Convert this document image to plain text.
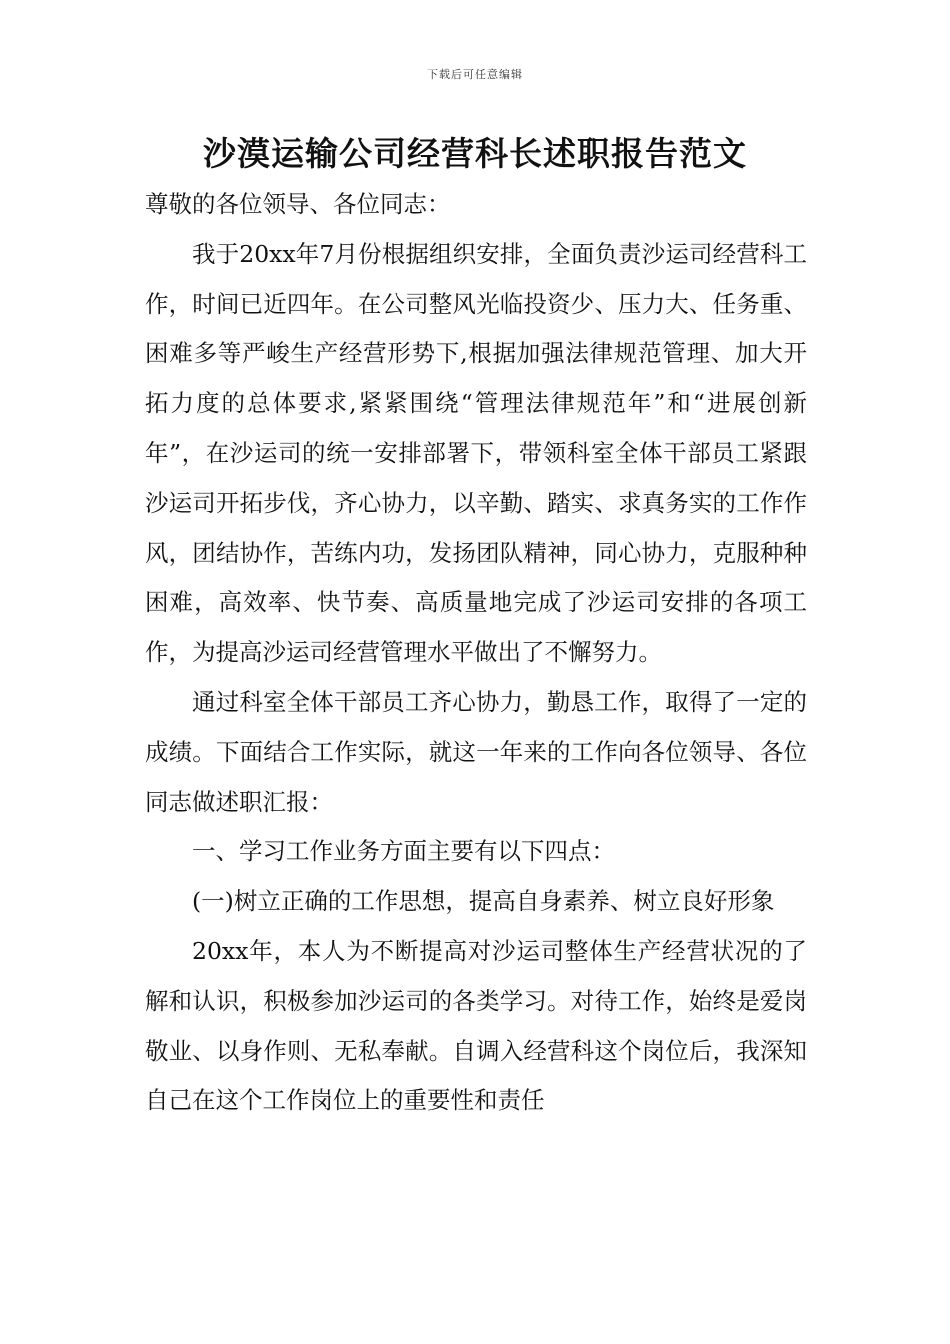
下载后可任意编辑
沙漠运输公司经营科长述职报告范文

尊敬的各位领导、各位同志：

我于20xx年7月份根据组织安排，全面负责沙运司经营科工作，时间已近四年。在公司整风光临投资少、压力大、任务重、困难多等严峻生产经营形势下,根据加强法律规范管理、加大开拓力度的总体要求,紧紧围绕“管理法律规范年”和“进展创新年”，在沙运司的统一安排部署下，带领科室全体干部员工紧跟沙运司开拓步伐，齐心协力，以辛勤、踏实、求真务实的工作作风，团结协作，苦练内功，发扬团队精神，同心协力，克服种种困难，高效率、快节奏、高质量地完成了沙运司安排的各项工作，为提高沙运司经营管理水平做出了不懈努力。

通过科室全体干部员工齐心协力，勤恳工作，取得了一定的成绩。下面结合工作实际，就这一年来的工作向各位领导、各位同志做述职汇报：

一、学习工作业务方面主要有以下四点：

(一)树立正确的工作思想，提高自身素养、树立良好形象

20xx年，本人为不断提高对沙运司整体生产经营状况的了解和认识，积极参加沙运司的各类学习。对待工作，始终是爱岗敬业、以身作则、无私奉献。自调入经营科这个岗位后，我深知自己在这个工作岗位上的重要性和责任
